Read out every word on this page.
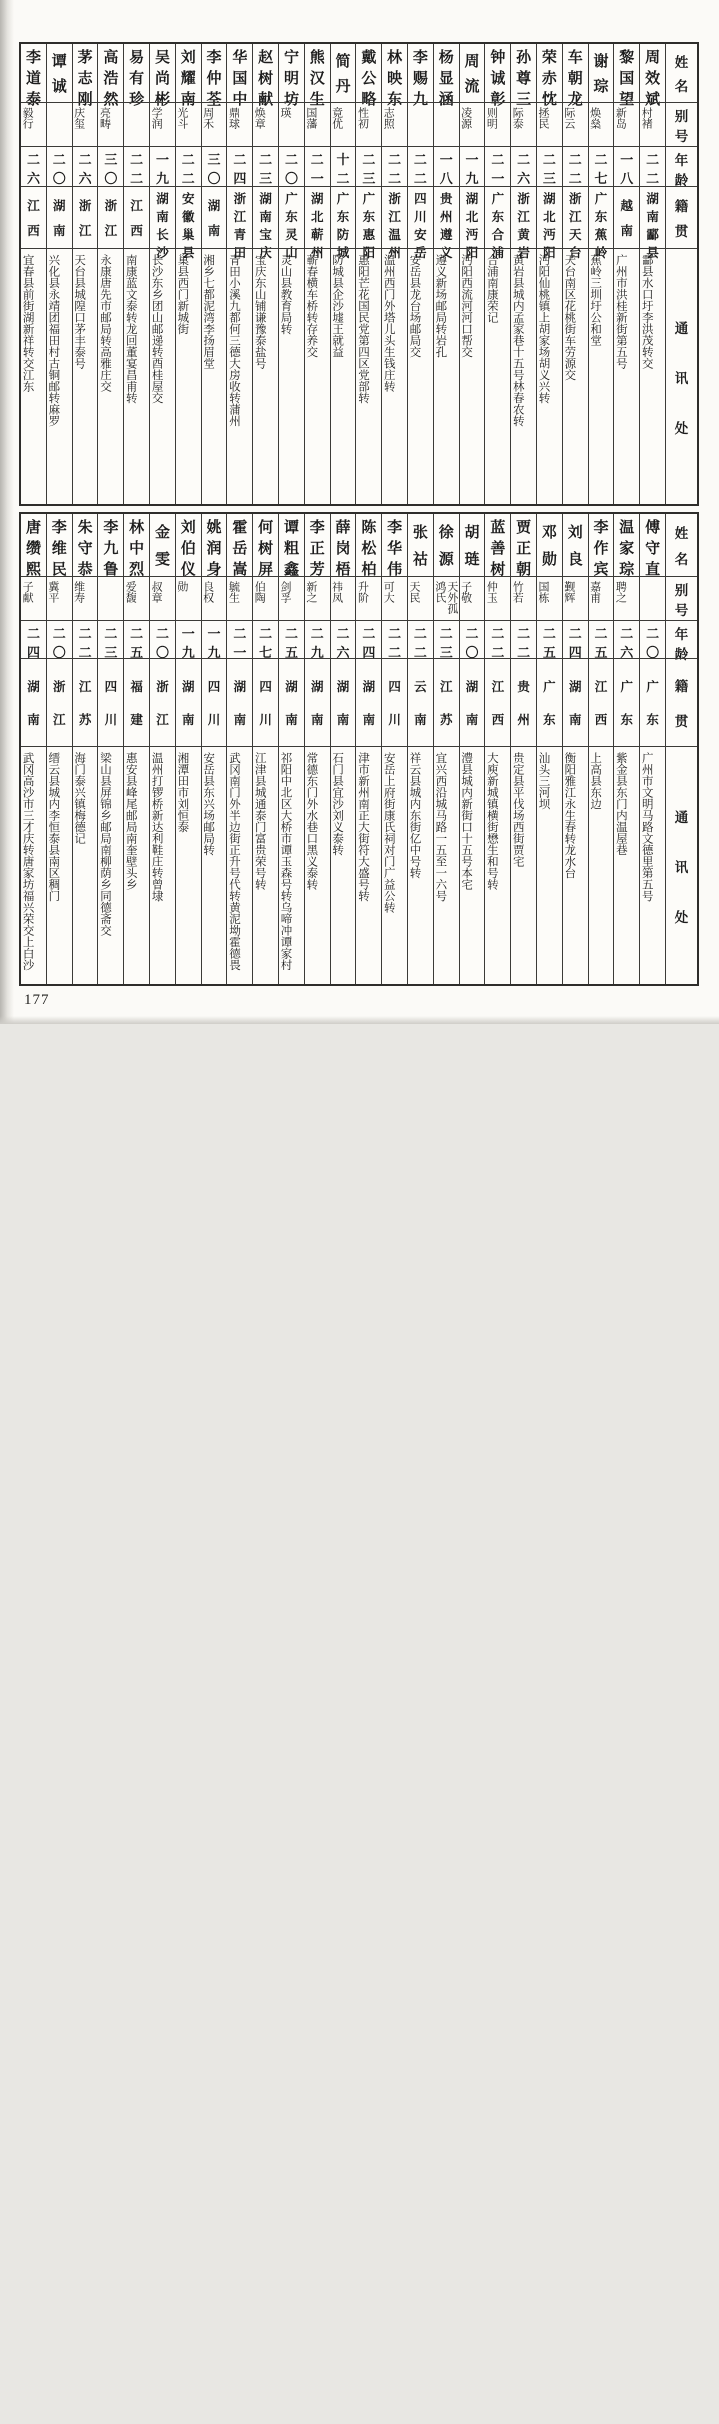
姓
名
别
号
年
龄
籍
贯
通
讯
处
周
效
斌
村褚
二
二
湖
南
酃
县
酃县水口圩李洪茂转交
黎
国
望
新岛
一
八
越
南
广州市洪桂新街第五号
谢
琮
焕燊
二
七
广
东
蕉
岭
蕉岭三圳圩公和堂
车
朝
龙
际云
二
二
浙
江
天
台
天台南区花桃街车劳源交
荣
赤
忱
拯民
二
三
湖
北
沔
阳
沔阳仙桃镇上胡家场胡义兴转
孙
尊
三
际泰
二
六
浙
江
黄
岩
黄岩县城内孟家巷十五号林春农转
钟
诚
彰
则明
二
一
广
东
合
浦
合浦南康荣记
周
流
凌源
一
九
湖
北
沔
阳
沔阳西流河河口帮交
杨
显
涵
一
八
贵
州
遵
义
遵义新场邮局转岩孔
李
赐
九
二
二
四
川
安
岳
安岳县龙台场邮局交
林
映
东
志照
二
二
浙
江
温
州
温州西门外塔儿头生钱庄转
戴
公
略
性初
二
三
广
东
惠
阳
惠阳芒花国民党第四区党部转
简
丹
竟优
十
二
广
东
防
城
防城县企沙墟王就益
熊
汉
生
国藩
二
一
湖
北
蕲
州
蕲春横车桥转存养交
宁
明
坊
瑛
二
〇
广
东
灵
山
灵山县教育局转
赵
树
献
焕章
二
三
湖
南
宝
庆
宝庆东山铺谦豫泰盐号
华
国
中
鼎球
二
四
浙
江
青
田
青田小溪九都何三德大房收转蒲州
李
仲
荃
周禾
三
〇
湖
南
湘乡七都泥湾李扬眉堂
刘
耀
南
光斗
二
二
安
徽
巢
县
巢县西门新城街
吴
尚
彬
学润
一
九
湖
南
长
沙
长沙东乡团山邮递转酉桂屋交
易
有
珍
二
二
江
西
南康蓝文泰转龙回董宴昌甫转
高
浩
然
亮畴
三
〇
浙
江
永康唐先市邮局转高雅庄交
茅
志
刚
庆玺
二
六
浙
江
天台县城隍口茅丰泰号
谭
诚
二
〇
湖
南
兴化县永靖团福田村古铜邮转麻罗
李
道
泰
毅行
二
六
江
西
宜春县前街湖新祥转交江东
姓
名
别
号
年
龄
籍
贯
通
讯
处
傅
守
直
二
〇
广
东
广州市文明马路文德里第五号
温
家
琮
聘之
二
六
广
东
紫金县东门内温屋巷
李
作
宾
嘉甫
二
五
江
西
上高县东边
刘
良
觐辉
二
四
湖
南
衡阳雅江永生春转龙水台
邓
勋
国栋
二
五
广
东
汕头三河坝
贾
正
朝
竹若
二
二
贵
州
贵定县平伐场西街贾宅
蓝
善
树
仲玉
二
二
江
西
大庾新城镇横街懋生和号转
胡
琏
子敬
二
〇
湖
南
澧县城内新街口十五号本宅
徐
源
天外孤鸿氏
二
三
江
苏
宜兴西沿城马路一五至一六号
张
祜
天民
二
二
云
南
祥云县城内东街亿中号转
李
华
伟
可大
二
二
四
川
安岳上府街康氏祠对门广益公转
陈
松
柏
升阶
二
四
湖
南
津市新州南正大街符大盛号转
薛
岗
梧
祎凤
二
六
湖
南
石门县宜沙刘义泰转
李
正
芳
新之
二
九
湖
南
常德东门外水巷口黑义泰转
谭
粗
鑫
剑孚
二
五
湖
南
祁阳中北区大桥市谭玉森号转乌啼冲谭家村
何
树
屏
伯陶
二
七
四
川
江津县城通泰门富贵荣号转
霍
岳
嵩
毓生
二
一
湖
南
武冈南门外半边街正升号代转黄泥坳霍德畏
姚
润
身
良权
一
九
四
川
安岳县东兴场邮局转
刘
伯
仪
勋
一
九
湖
南
湘潭田市刘恒泰
金
雯
叔章
二
〇
浙
江
温州打锣桥新达利鞋庄转曾埭
林
中
烈
爱馥
二
五
福
建
惠安县峰尾邮局南奎壁头乡
李
九
鲁
二
三
四
川
梁山县屏锦乡邮局南柳荫乡同德斋交
朱
守
恭
维寿
二
二
江
苏
海门泰兴镇梅德记
李
维
民
冀平
二
〇
浙
江
缙云县城内李恒泰县南区稠门
唐
缵
熙
子献
二
四
湖
南
武冈高沙市三才庆转唐家坊福兴荣交上白沙
177
